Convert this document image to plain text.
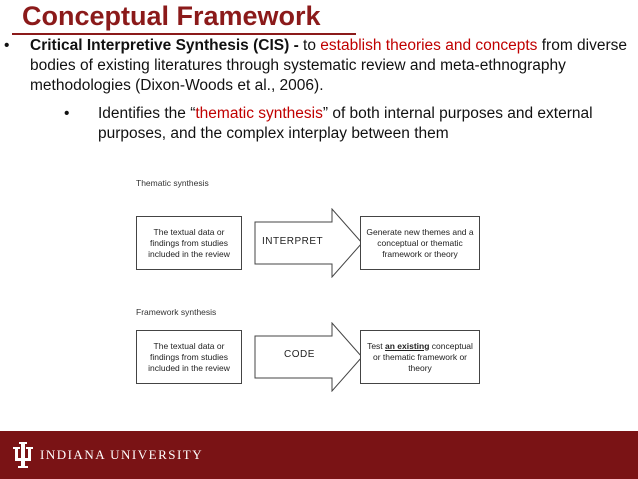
Conceptual Framework
• Critical Interpretive Synthesis (CIS) - to establish theories and concepts from diverse bodies of existing literatures through systematic review and meta-ethnography methodologies (Dixon-Woods et al., 2006).
• Identifies the “thematic synthesis” of both internal purposes and external purposes, and the complex interplay between them
Thematic synthesis
The textual data or findings from studies included in the review
INTERPRET
Generate new themes and a conceptual or thematic framework or theory
Framework synthesis
The textual data or findings from studies included in the review
CODE
Test an existing conceptual or thematic framework or theory
INDIANA UNIVERSITY
